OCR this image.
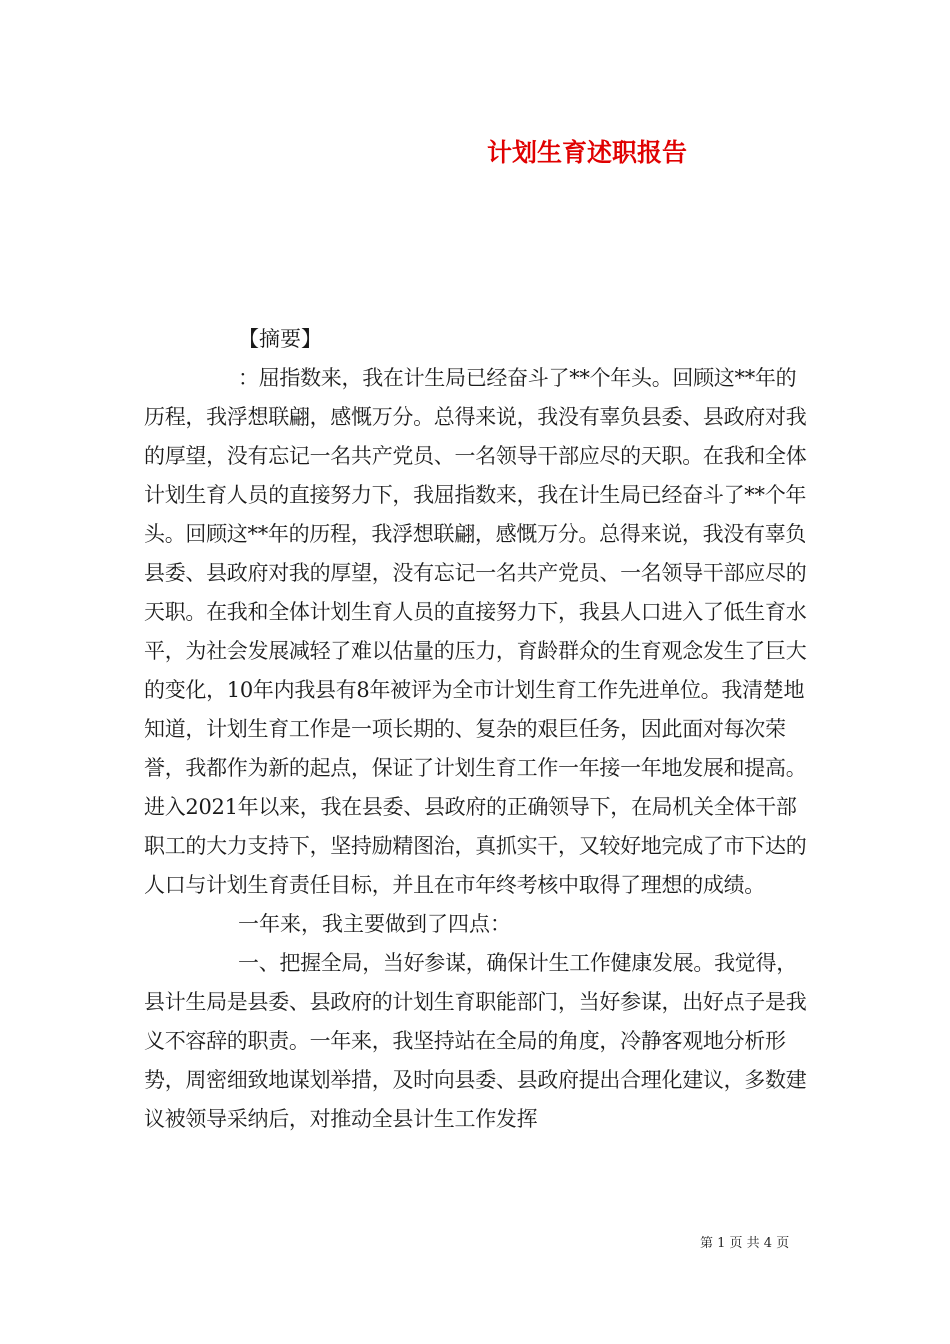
计划生育述职报告

【摘要】

：屈指数来，我在计生局已经奋斗了**个年头。回顾这**年的历程，我浮想联翩，感慨万分。总得来说，我没有辜负县委、县政府对我的厚望，没有忘记一名共产党员、一名领导干部应尽的天职。在我和全体计划生育人员的直接努力下，我屈指数来，我在计生局已经奋斗了**个年头。回顾这**年的历程，我浮想联翩，感慨万分。总得来说，我没有辜负县委、县政府对我的厚望，没有忘记一名共产党员、一名领导干部应尽的天职。在我和全体计划生育人员的直接努力下，我县人口进入了低生育水平，为社会发展减轻了难以估量的压力，育龄群众的生育观念发生了巨大的变化，10年内我县有8年被评为全市计划生育工作先进单位。我清楚地知道，计划生育工作是一项长期的、复杂的艰巨任务，因此面对每次荣誉，我都作为新的起点，保证了计划生育工作一年接一年地发展和提高。进入2021年以来，我在县委、县政府的正确领导下，在局机关全体干部职工的大力支持下，坚持励精图治，真抓实干，又较好地完成了市下达的人口与计划生育责任目标，并且在市年终考核中取得了理想的成绩。

一年来，我主要做到了四点：

一、把握全局，当好参谋，确保计生工作健康发展。我觉得，县计生局是县委、县政府的计划生育职能部门，当好参谋，出好点子是我义不容辞的职责。一年来，我坚持站在全局的角度，冷静客观地分析形势，周密细致地谋划举措，及时向县委、县政府提出合理化建议，多数建议被领导采纳后，对推动全县计生工作发挥

第 1 页 共 4 页
